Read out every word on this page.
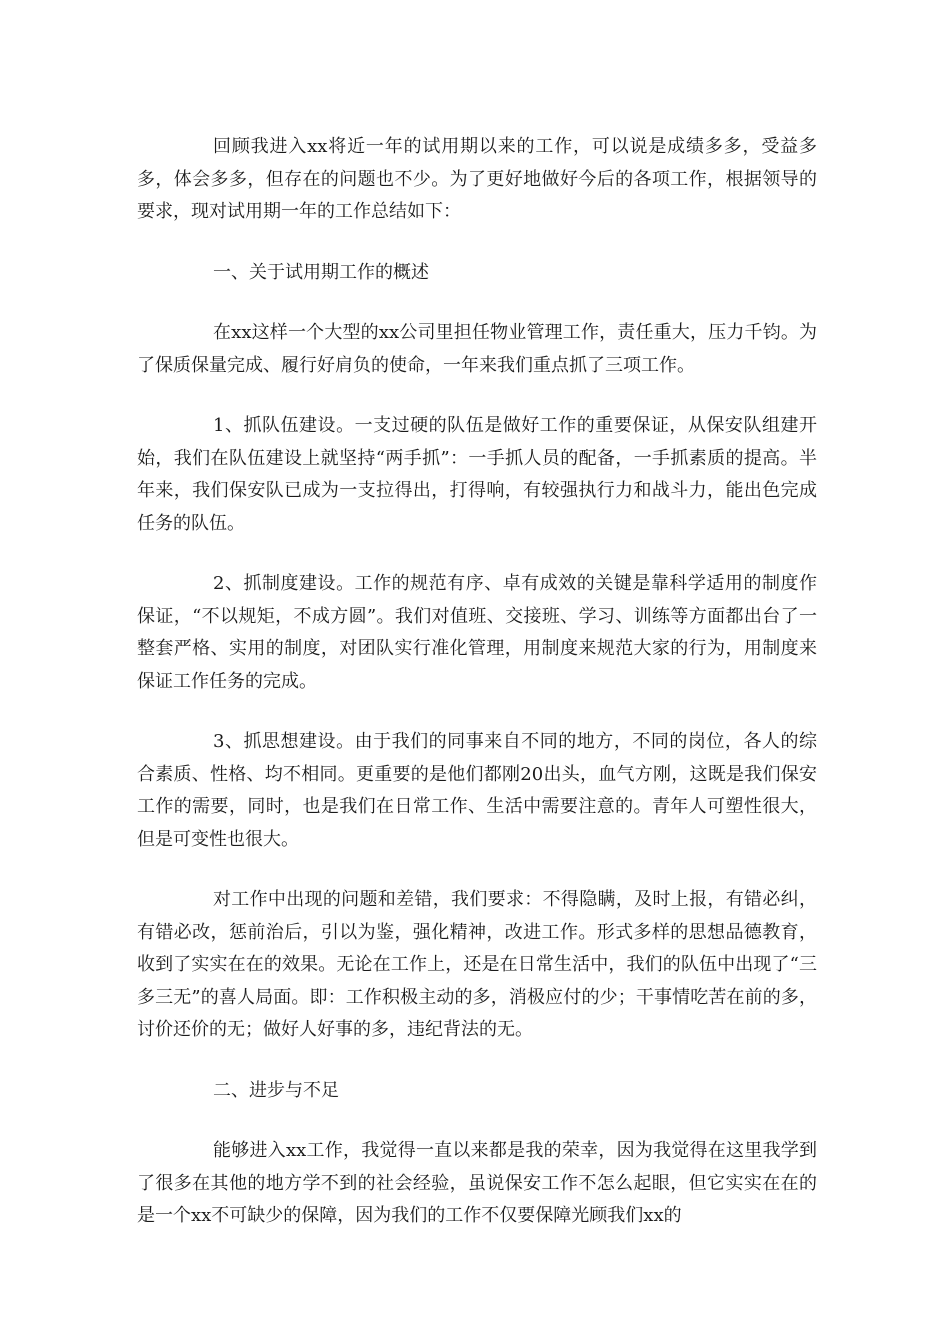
回顾我进入xx将近一年的试用期以来的工作，可以说是成绩多多，受益多多，体会多多，但存在的问题也不少。为了更好地做好今后的各项工作，根据领导的要求，现对试用期一年的工作总结如下：

一、关于试用期工作的概述

在xx这样一个大型的xx公司里担任物业管理工作，责任重大，压力千钧。为了保质保量完成、履行好肩负的使命，一年来我们重点抓了三项工作。

1、抓队伍建设。一支过硬的队伍是做好工作的重要保证，从保安队组建开始，我们在队伍建设上就坚持“两手抓”：一手抓人员的配备，一手抓素质的提高。半年来，我们保安队已成为一支拉得出，打得响，有较强执行力和战斗力，能出色完成任务的队伍。

2、抓制度建设。工作的规范有序、卓有成效的关键是靠科学适用的制度作保证，“不以规矩，不成方圆”。我们对值班、交接班、学习、训练等方面都出台了一整套严格、实用的制度，对团队实行准化管理，用制度来规范大家的行为，用制度来保证工作任务的完成。

3、抓思想建设。由于我们的同事来自不同的地方，不同的岗位，各人的综合素质、性格、均不相同。更重要的是他们都刚20出头，血气方刚，这既是我们保安工作的需要，同时，也是我们在日常工作、生活中需要注意的。青年人可塑性很大，但是可变性也很大。

对工作中出现的问题和差错，我们要求：不得隐瞒，及时上报，有错必纠，有错必改，惩前治后，引以为鉴，强化精神，改进工作。形式多样的思想品德教育，收到了实实在在的效果。无论在工作上，还是在日常生活中，我们的队伍中出现了“三多三无”的喜人局面。即：工作积极主动的多，消极应付的少；干事情吃苦在前的多，讨价还价的无；做好人好事的多，违纪背法的无。

二、进步与不足

能够进入xx工作，我觉得一直以来都是我的荣幸，因为我觉得在这里我学到了很多在其他的地方学不到的社会经验，虽说保安工作不怎么起眼，但它实实在在的是一个xx不可缺少的保障，因为我们的工作不仅要保障光顾我们xx的
